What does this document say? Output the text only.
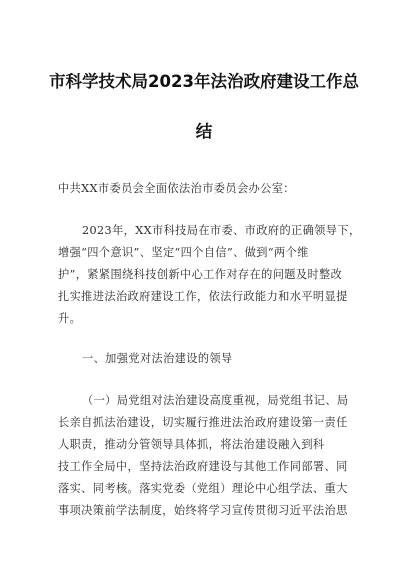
市科学技术局2023年法治政府建设工作总
结
中共XX市委员会全面依法治市委员会办公室：
2023年，XX市科技局在市委、市政府的正确领导下，
增强“四个意识”、坚定“四个自信”、做到“两个维
护”，紧紧围绕科技创新中心工作对存在的问题及时整改
扎实推进法治政府建设工作，依法行政能力和水平明显提
升。
一、加强党对法治建设的领导
（一）局党组对法治建设高度重视，局党组书记、局
长亲自抓法治建设，切实履行推进法治政府建设第一责任
人职责，推动分管领导具体抓，将法治建设融入到科
技工作全局中，坚持法治政府建设与其他工作同部署、同
落实、同考核。落实党委（党组）理论中心组学法、重大
事项决策前学法制度，始终将学习宣传贯彻习近平法治思
